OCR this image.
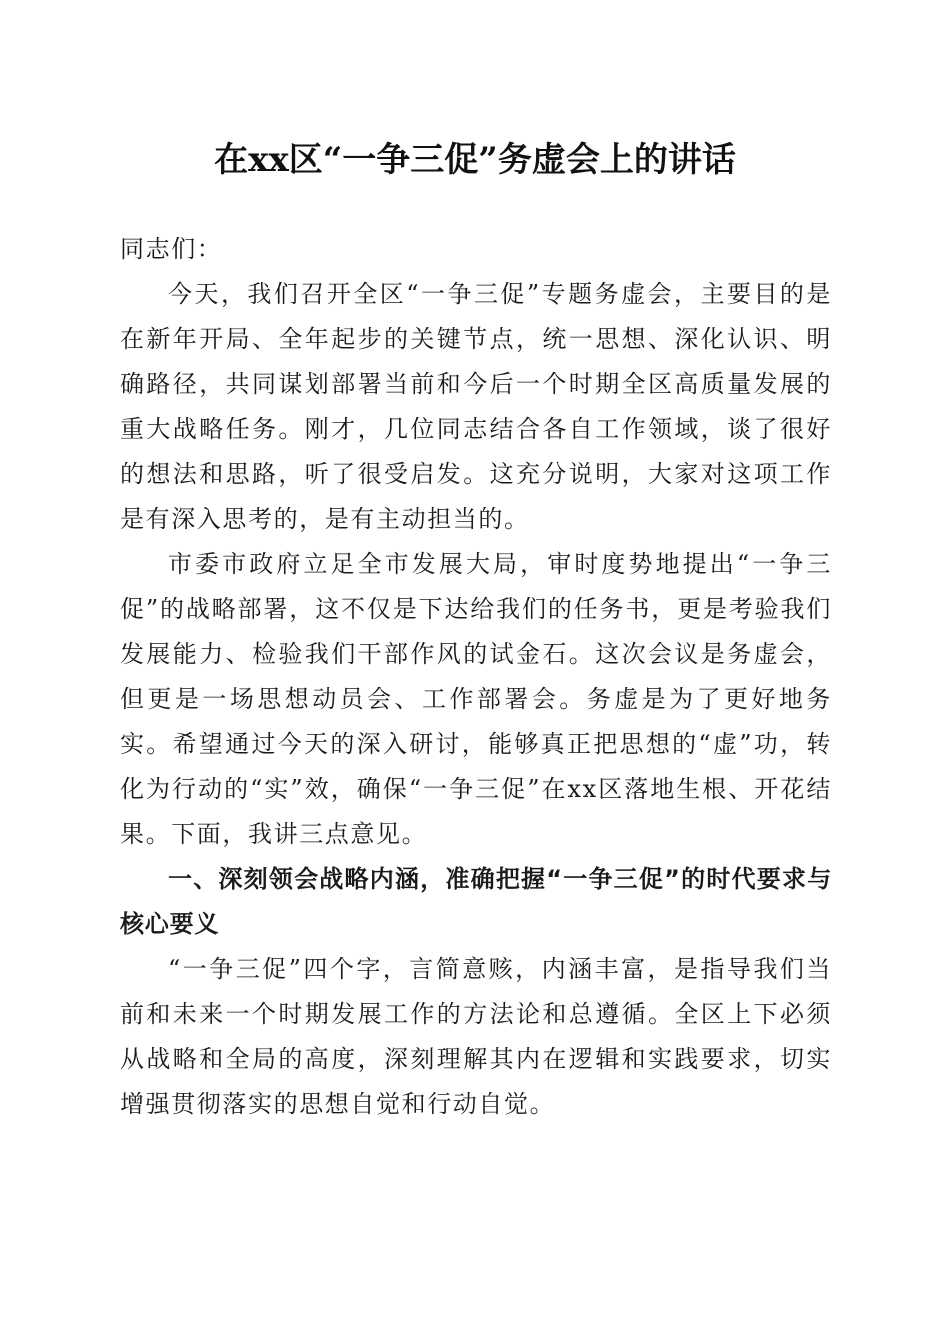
在xx区“一争三促”务虚会上的讲话

同志们：

今天，我们召开全区“一争三促”专题务虚会，主要目的是在新年开局、全年起步的关键节点，统一思想、深化认识、明确路径，共同谋划部署当前和今后一个时期全区高质量发展的重大战略任务。刚才，几位同志结合各自工作领域，谈了很好的想法和思路，听了很受启发。这充分说明，大家对这项工作是有深入思考的，是有主动担当的。

市委市政府立足全市发展大局，审时度势地提出“一争三促”的战略部署，这不仅是下达给我们的任务书，更是考验我们发展能力、检验我们干部作风的试金石。这次会议是务虚会，但更是一场思想动员会、工作部署会。务虚是为了更好地务实。希望通过今天的深入研讨，能够真正把思想的“虚”功，转化为行动的“实”效，确保“一争三促”在xx区落地生根、开花结果。下面，我讲三点意见。

一、深刻领会战略内涵，准确把握“一争三促”的时代要求与核心要义

“一争三促”四个字，言简意赅，内涵丰富，是指导我们当前和未来一个时期发展工作的方法论和总遵循。全区上下必须从战略和全局的高度，深刻理解其内在逻辑和实践要求，切实增强贯彻落实的思想自觉和行动自觉。
